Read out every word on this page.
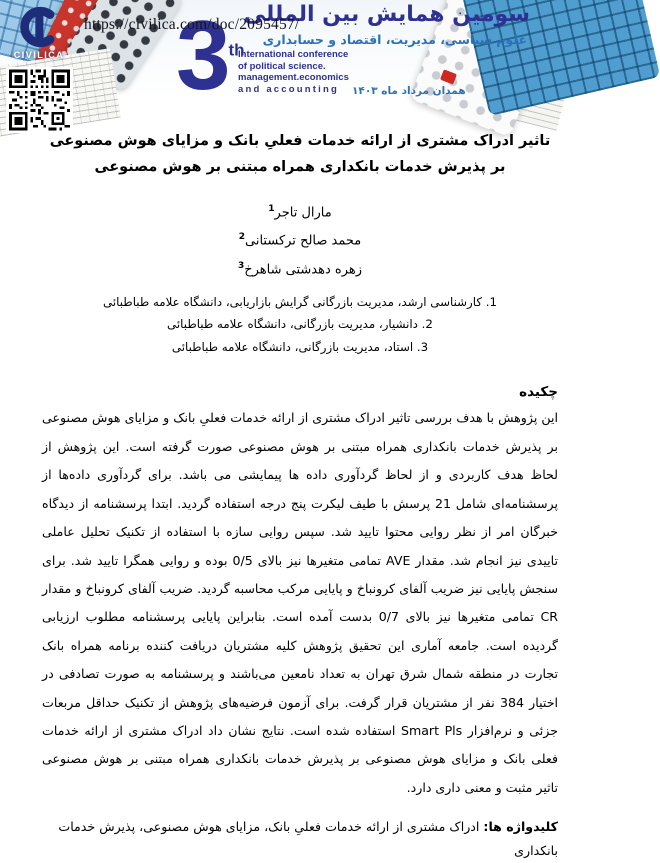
3th
سومین همایش بین المللی
علوم سیاسی، مدیریت، اقتصاد و حسابداری
International conference
of political science.
management.economics
and accounting	همدان مرداد ماه ۱۴۰۳
CIVILICA
https://civilica.com/doc/2095457/
تاثیر ادراک مشتری از ارائه خدمات فعلیِ بانک و مزایای هوش مصنوعی بر پذیرش خدمات بانکداری همراه مبتنی بر هوش مصنوعی
مارال تاجر$^1$
محمد صالح ترکستانی$^2$
زهره دهدشتی شاهرخ$^3$
1. کارشناسی ارشد، مدیریت بازرگانی گرایش بازاریابی، دانشگاه علامه طباطبائی
2. دانشیار، مدیریت بازرگانی، دانشگاه علامه طباطبائی
3. استاد، مدیریت بازرگانی، دانشگاه علامه طباطبائی
چکیده

این پژوهش با هدف بررسی تاثیر ادراک مشتری از ارائه خدمات فعلیِ بانک و مزایای هوش مصنوعی بر پذیرش خدمات بانکداری همراه مبتنی بر هوش مصنوعی صورت گرفته است. این پژوهش از لحاظ هدف کاربردی و از لحاظ گردآوری داده ها پیمایشی می باشد. برای گردآوری داده‌ها از پرسشنامه‌ای شامل 21 پرسش با طیف لیکرت پنج درجه استفاده گردید. ابتدا پرسشنامه از دیدگاه خبرگان امر از نظر روایی محتوا تایید شد. سپس روایی سازه با استفاده از تکنیک تحلیل عاملی تاییدی نیز انجام شد. مقدار AVE تمامی متغیرها نیز بالای 0/5 بوده و روایی همگرا تایید شد. برای سنجش پایایی نیز ضریب آلفای کرونباخ و پایایی مرکب محاسبه گردید. ضریب آلفای کرونباخ و مقدار CR تمامی متغیرها نیز بالای 0/7 بدست آمده است. بنابراین پایایی پرسشنامه مطلوب ارزیابی گردیده است. جامعه آماری این تحقیق پژوهش کلیه مشتریان دریافت کننده برنامه همراه بانک تجارت در منطقه شمال شرق تهران به تعداد نامعین می‌باشند و پرسشنامه به صورت تصادفی در اختیار 384 نفر از مشتریان قرار گرفت. برای آزمون فرضیه‌های پژوهش از تکنیک حداقل مربعات جزئی و نرم‌افزار Smart Pls استفاده شده است. نتایج نشان داد ادراک مشتری از ارائه خدمات فعلی بانک و مزایای هوش مصنوعی بر پذیرش خدمات بانکداری همراه مبتنی بر هوش مصنوعی تاثیر مثبت و معنی داری دارد.

کلیدواژه ها: ادراک مشتری از ارائه خدمات فعلیِ بانک، مزایای هوش مصنوعی، پذیرش خدمات بانکداری
